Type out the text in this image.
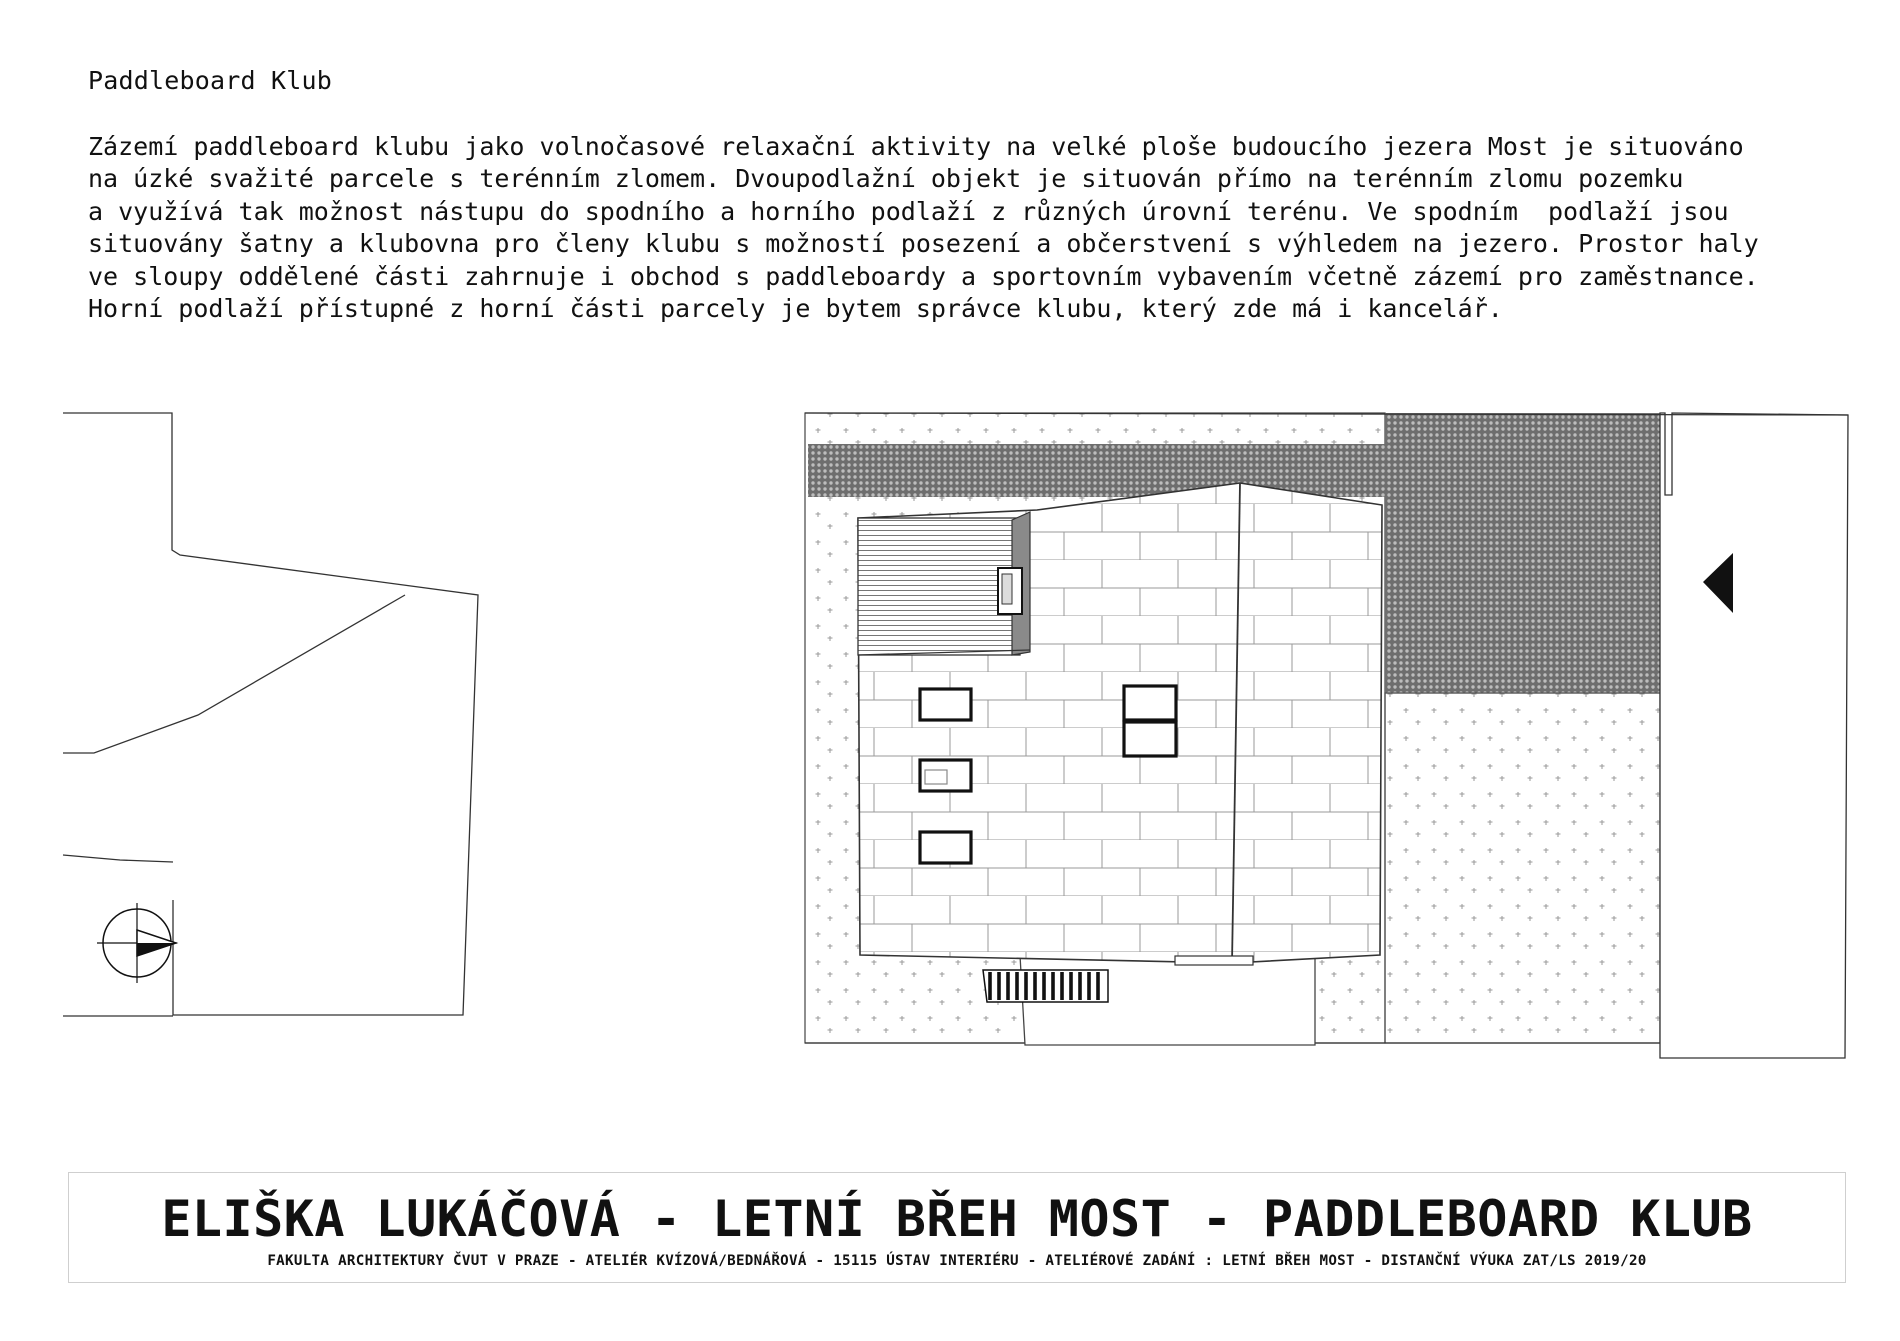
Paddleboard Klub
Zázemí paddleboard klubu jako volnočasové relaxační aktivity na velké ploše budoucího jezera Most je situováno
na úzké svažité parcele s terénním zlomem. Dvoupodlažní objekt je situován přímo na terénním zlomu pozemku
a využívá tak možnost nástupu do spodního a horního podlaží z různých úrovní terénu. Ve spodním  podlaží jsou
situovány šatny a klubovna pro členy klubu s možností posezení a občerstvení s výhledem na jezero. Prostor haly
ve sloupy oddělené části zahrnuje i obchod s paddleboardy a sportovním vybavením včetně zázemí pro zaměstnance.
Horní podlaží přístupné z horní části parcely je bytem správce klubu, který zde má i kancelář.
ELIŠKA LUKÁČOVÁ - LETNÍ BŘEH MOST - PADDLEBOARD KLUB
FAKULTA ARCHITEKTURY ČVUT V PRAZE - ATELIÉR KVÍZOVÁ/BEDNÁŘOVÁ - 15115 ÚSTAV INTERIÉRU - ATELIÉROVÉ ZADÁNÍ : LETNÍ BŘEH MOST - DISTANČNÍ VÝUKA ZAT/LS 2019/20
